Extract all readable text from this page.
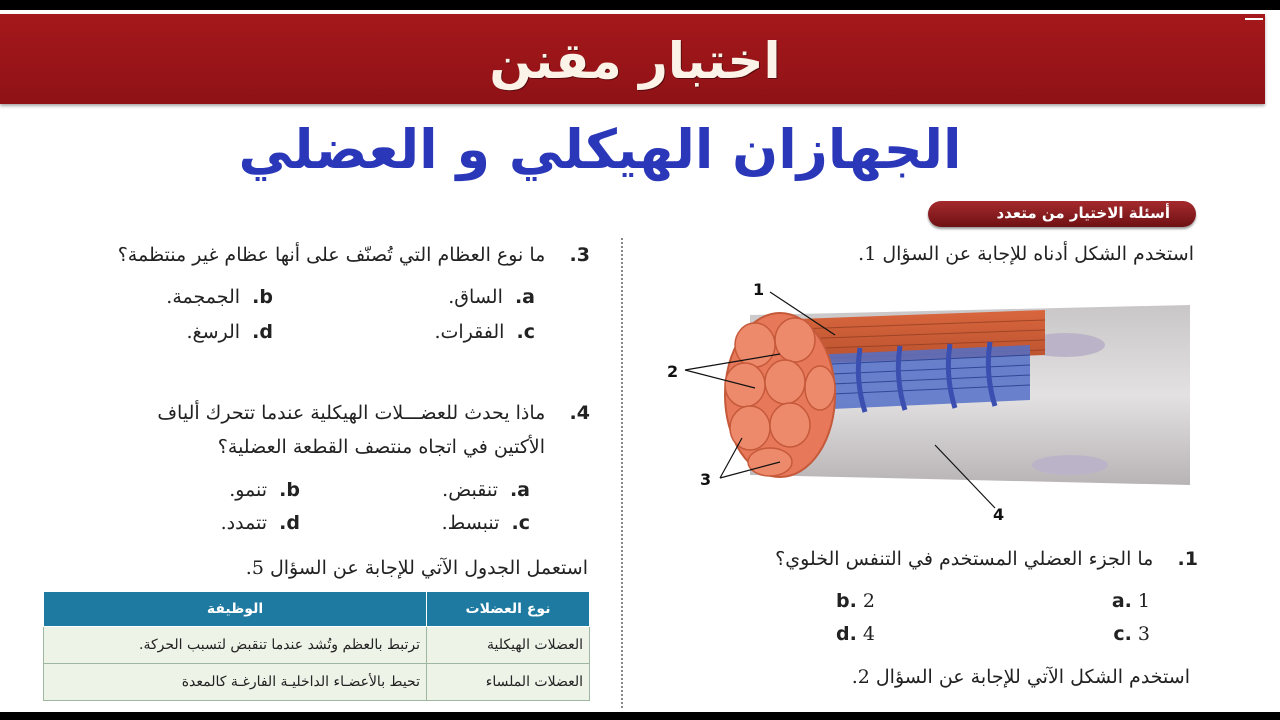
اختبار مقنن
الجهازان الهيكلي و العضلي
أسئلة الاختيار من متعدد
استخدم الشكل أدناه للإجابة عن السؤال 1.
1
2
3
4
1.    ما الجزء العضلي المستخدم في التنفس الخلوي؟
1 .a
2 .b
3 .c
4 .d
استخدم الشكل الآتي للإجابة عن السؤال 2.
3.    ما نوع العظام التي تُصنّف على أنها عظام غير منتظمة؟
a.  الساق.
b.  الجمجمة.
c.  الفقرات.
d.  الرسغ.
4.    ماذا يحدث للعضـــلات الهيكلية عندما تتحرك ألياف
الأكتين في اتجاه منتصف القطعة العضلية؟
a.  تنقبض.
b.  تنمو.
c.  تنبسط.
d.  تتمدد.
استعمل الجدول الآتي للإجابة عن السؤال 5.
نوع العضلات	الوظيفة
العضلات الهيكلية	ترتبط بالعظم وتُشد عندما تنقبض لتسبب الحركة.
العضلات الملساء	تحيط بالأعضـاء الداخليـة الفارغـة كالمعدة
